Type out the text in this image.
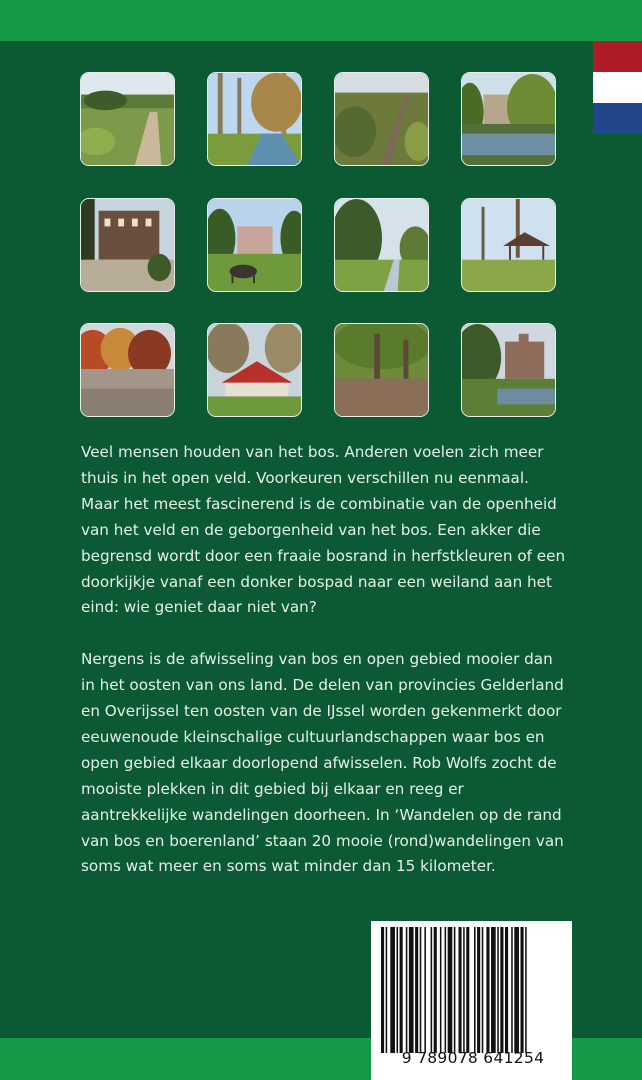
Veel mensen houden van het bos. Anderen voelen zich meer thuis in het open veld. Voorkeuren verschillen nu eenmaal. Maar het meest fascinerend is de combinatie van de openheid van het veld en de geborgenheid van het bos. Een akker die begrensd wordt door een fraaie bosrand in herfstkleuren of een doorkijkje vanaf een donker bospad naar een weiland aan het eind: wie geniet daar niet van?

Nergens is de afwisseling van bos en open gebied mooier dan in het oosten van ons land. De delen van provincies Gelderland en Overijssel ten oosten van de IJssel worden gekenmerkt door eeuwenoude kleinschalige cultuurlandschappen waar bos en open gebied elkaar doorlopend afwisselen. Rob Wolfs zocht de mooiste plekken in dit gebied bij elkaar en reeg er aantrekkelijke wandelingen doorheen. In ‘Wandelen op de rand van bos en boerenland’ staan 20 mooie (rond)wandelingen van soms wat meer en soms wat minder dan 15 kilometer.

9 789078 641254
